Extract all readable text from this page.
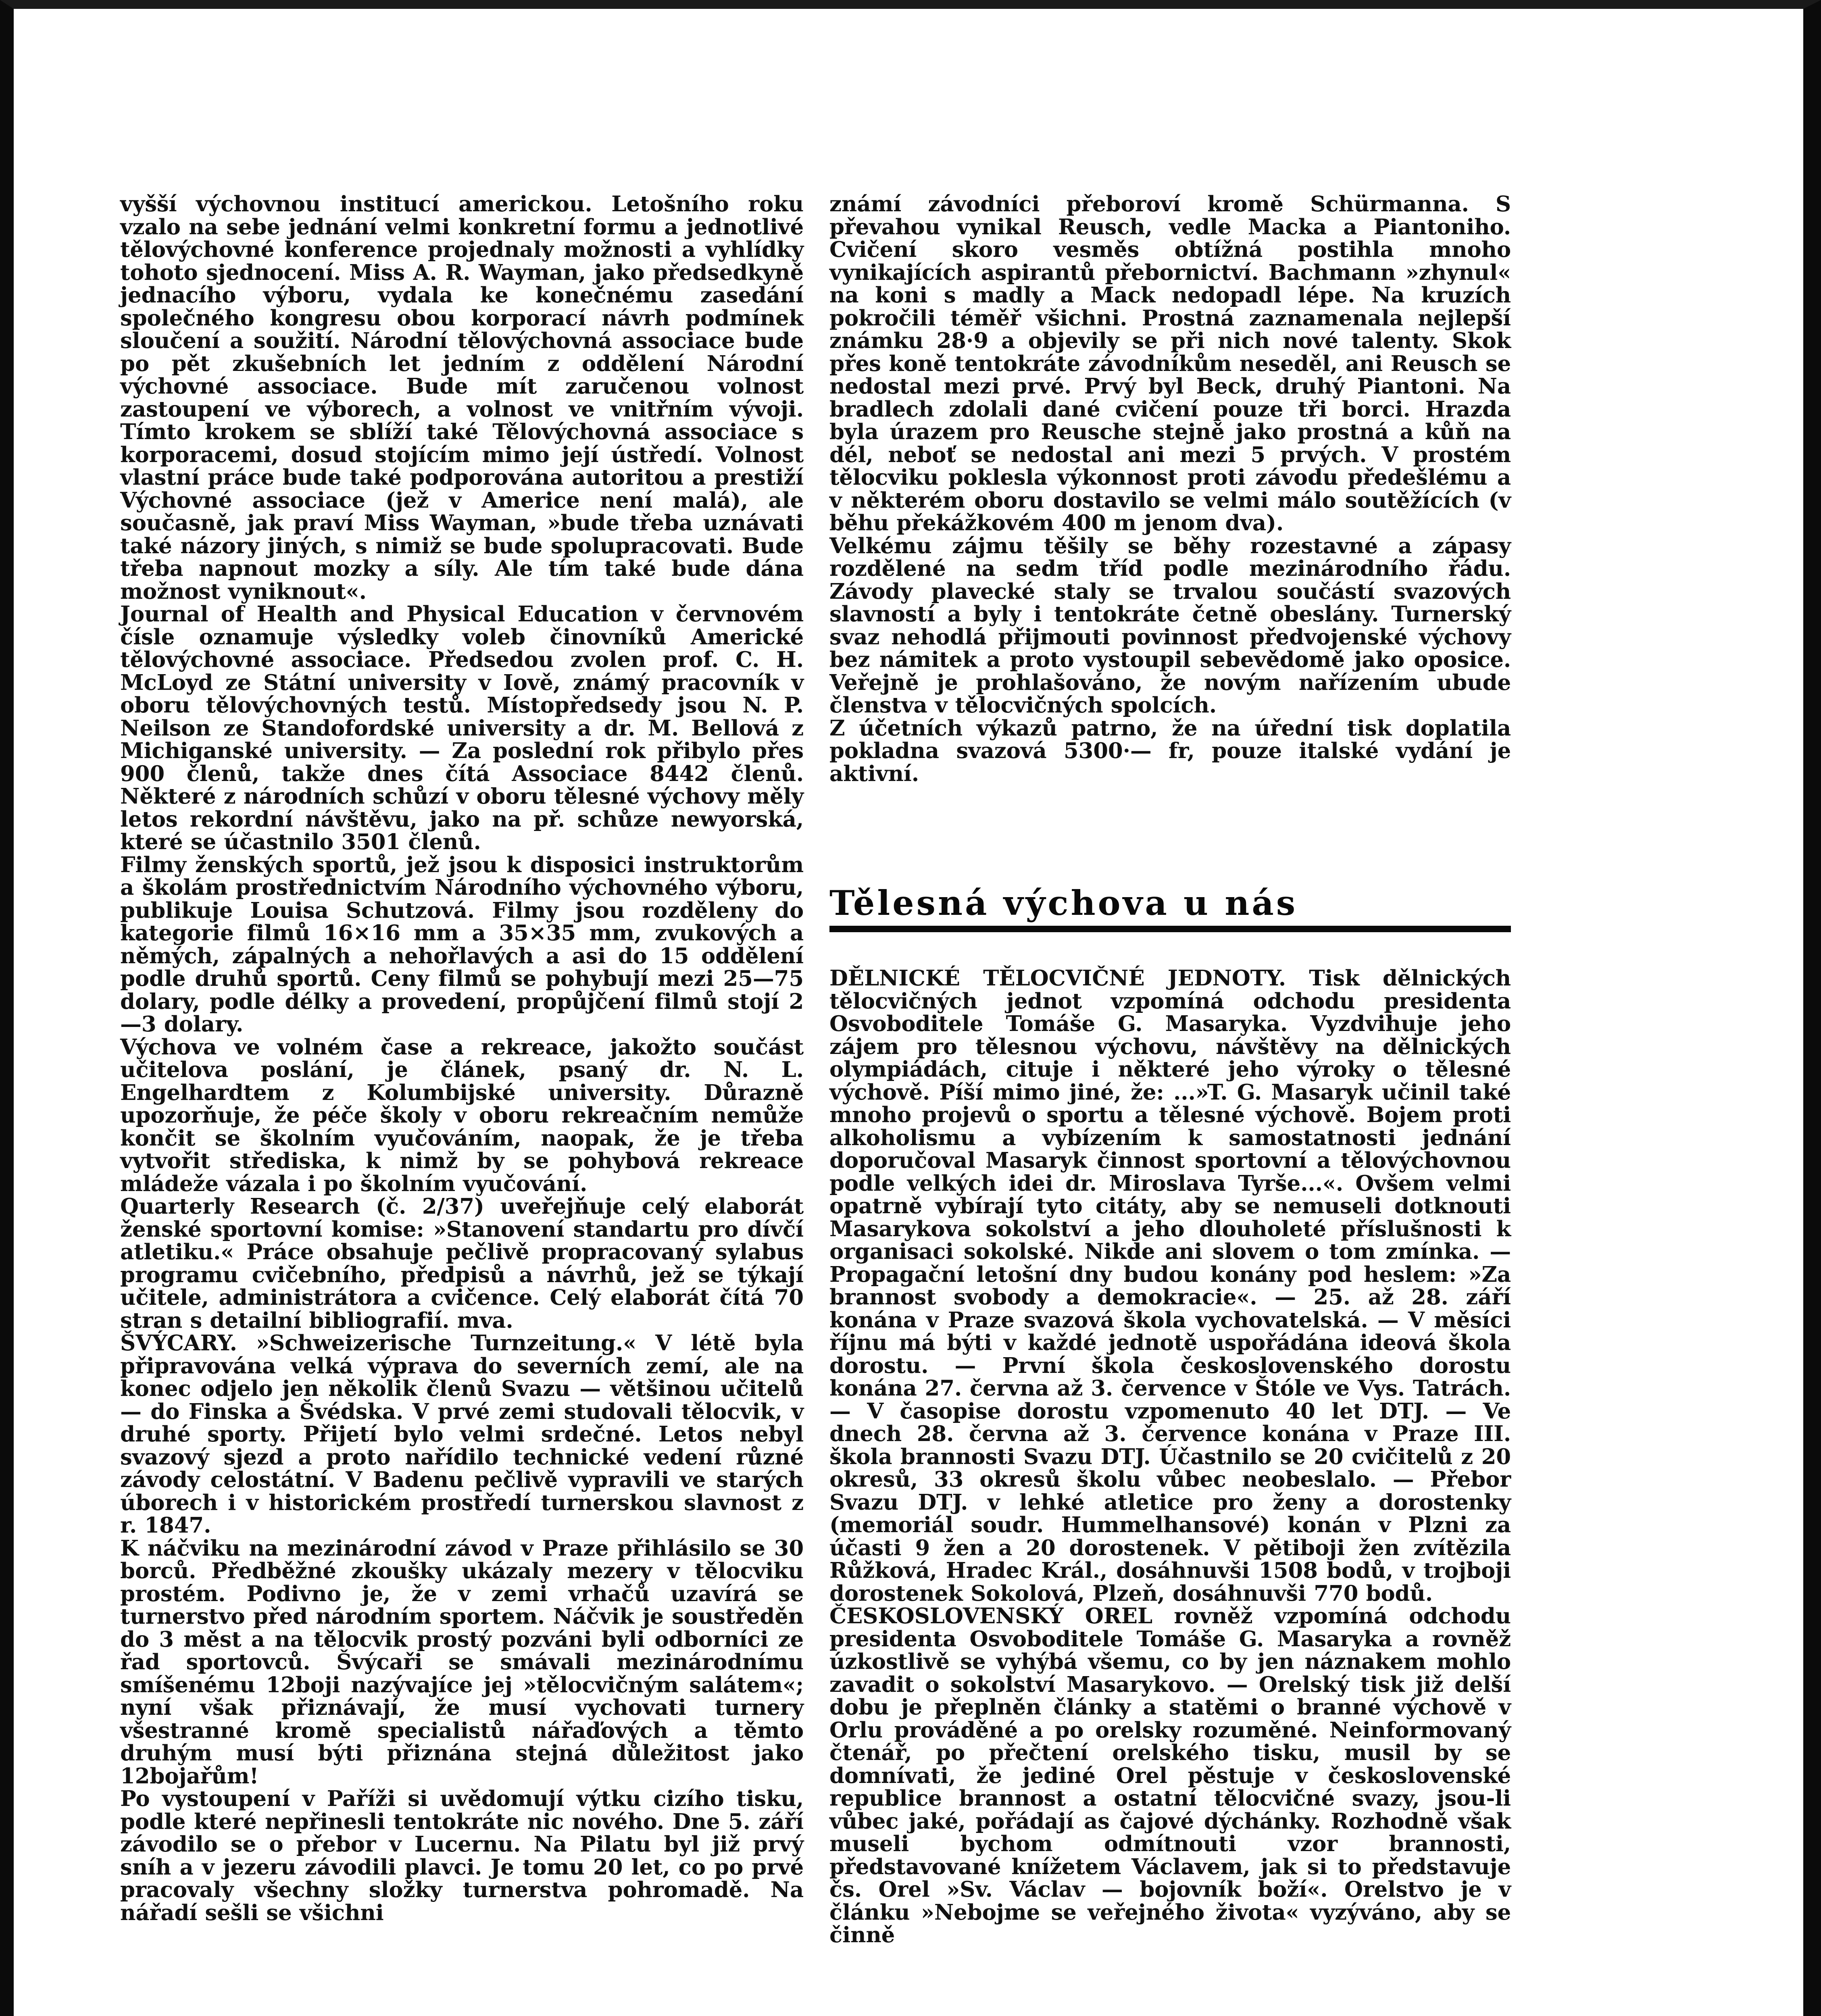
vyšší výchovnou institucí americkou. Letošního roku vzalo na sebe jednání velmi konkretní formu a jednotlivé tělovýchovné konference projednaly možnosti a vyhlídky tohoto sjednocení. Miss A. R. Wayman, jako předsedkyně jednacího výboru, vydala ke konečnému zasedání společného kongresu obou korporací návrh podmínek sloučení a soužití. Národní tělovýchovná associace bude po pět zkušebních let jedním z oddělení Národní výchovné associace. Bude mít zaručenou volnost zastoupení ve výborech, a volnost ve vnitřním vývoji. Tímto krokem se sblíží také Tělovýchovná associace s korporacemi, dosud stojícím mimo její ústředí. Volnost vlastní práce bude také podporována autoritou a prestiží Výchovné associace (jež v Americe není malá), ale současně, jak praví Miss Wayman, »bude třeba uznávati také názory jiných, s nimiž se bude spolupracovati. Bude třeba napnout mozky a síly. Ale tím také bude dána možnost vyniknout«.

Journal of Health and Physical Education v červnovém čísle oznamuje výsledky voleb činovníků Americké tělovýchovné associace. Předsedou zvolen prof. C. H. McLoyd ze Státní university v Iově, známý pracovník v oboru tělovýchovných testů. Místopředsedy jsou N. P. Neilson ze Standofordské university a dr. M. Bellová z Michiganské university. — Za poslední rok přibylo přes 900 členů, takže dnes čítá Associace 8442 členů. Některé z národních schůzí v oboru tělesné výchovy měly letos rekordní návštěvu, jako na př. schůze newyorská, které se účastnilo 3501 členů.

Filmy ženských sportů, jež jsou k disposici instruktorům a školám prostřednictvím Národního výchovného výboru, publikuje Louisa Schutzová. Filmy jsou rozděleny do kategorie filmů 16×16 mm a 35×35 mm, zvukových a němých, zápalných a nehořlavých a asi do 15 oddělení podle druhů sportů. Ceny filmů se pohybují mezi 25—75 dolary, podle délky a provedení, propůjčení filmů stojí 2—3 dolary.

Výchova ve volném čase a rekreace, jakožto součást učitelova poslání, je článek, psaný dr. N. L. Engelhardtem z Kolumbijské university. Důrazně upozorňuje, že péče školy v oboru rekreačním nemůže končit se školním vyučováním, naopak, že je třeba vytvořit střediska, k nimž by se pohybová rekreace mládeže vázala i po školním vyučování.

Quarterly Research (č. 2/37) uveřejňuje celý elaborát ženské sportovní komise: »Stanovení standartu pro dívčí atletiku.« Práce obsahuje pečlivě propracovaný sylabus programu cvičebního, předpisů a návrhů, jež se týkají učitele, administrátora a cvičence. Celý elaborát čítá 70 stran s detailní bibliografií. mva.

ŠVÝCARY. »Schweizerische Turnzeitung.« V létě byla připravována velká výprava do severních zemí, ale na konec odjelo jen několik členů Svazu — většinou učitelů — do Finska a Švédska. V prvé zemi studovali tělocvik, v druhé sporty. Přijetí bylo velmi srdečné. Letos nebyl svazový sjezd a proto nařídilo technické vedení různé závody celostátní. V Badenu pečlivě vypravili ve starých úborech i v historickém prostředí turnerskou slavnost z r. 1847.

K náčviku na mezinárodní závod v Praze přihlásilo se 30 borců. Předběžné zkoušky ukázaly mezery v tělocviku prostém. Podivno je, že v zemi vrhačů uzavírá se turnerstvo před národním sportem. Náčvik je soustředěn do 3 měst a na tělocvik prostý pozváni byli odborníci ze řad sportovců. Švýcaři se smávali mezinárodnímu smíšenému 12boji nazývajíce jej »tělocvičným salátem«; nyní však přiznávají, že musí vychovati turnery všestranné kromě specialistů nářaďových a těmto druhým musí býti přiznána stejná důležitost jako 12bojařům!

Po vystoupení v Paříži si uvědomují výtku cizího tisku, podle které nepřinesli tentokráte nic nového. Dne 5. září závodilo se o přebor v Lucernu. Na Pilatu byl již prvý sníh a v jezeru závodili plavci. Je tomu 20 let, co po prvé pracovaly všechny složky turnerstva pohromadě. Na nářadí sešli se všichni

známí závodníci přeboroví kromě Schürmanna. S převahou vynikal Reusch, vedle Macka a Piantoniho. Cvičení skoro vesměs obtížná postihla mnoho vynikajících aspirantů přebornictví. Bachmann »zhynul« na koni s madly a Mack nedopadl lépe. Na kruzích pokročili téměř všichni. Prostná zaznamenala nejlepší známku 28·9 a objevily se při nich nové talenty. Skok přes koně tentokráte závodníkům neseděl, ani Reusch se nedostal mezi prvé. Prvý byl Beck, druhý Piantoni. Na bradlech zdolali dané cvičení pouze tři borci. Hrazda byla úrazem pro Reusche stejně jako prostná a kůň na dél, neboť se nedostal ani mezi 5 prvých. V prostém tělocviku poklesla výkonnost proti závodu předešlému a v některém oboru dostavilo se velmi málo soutěžících (v běhu překážkovém 400 m jenom dva).

Velkému zájmu těšily se běhy rozestavné a zápasy rozdělené na sedm tříd podle mezinárodního řádu. Závody plavecké staly se trvalou součástí svazových slavností a byly i tentokráte četně obeslány. Turnerský svaz nehodlá přijmouti povinnost předvojenské výchovy bez námitek a proto vystoupil sebevědomě jako oposice. Veřejně je prohlašováno, že novým nařízením ubude členstva v tělocvičných spolcích.

Z účetních výkazů patrno, že na úřední tisk doplatila pokladna svazová 5300·— fr, pouze italské vydání je aktivní.

Tělesná výchova u nás

DĚLNICKÉ TĚLOCVIČNÉ JEDNOTY. Tisk dělnických tělocvičných jednot vzpomíná odchodu presidenta Osvoboditele Tomáše G. Masaryka. Vyzdvihuje jeho zájem pro tělesnou výchovu, návštěvy na dělnických olympiádách, cituje i některé jeho výroky o tělesné výchově. Píší mimo jiné, že: ...»T. G. Masaryk učinil také mnoho projevů o sportu a tělesné výchově. Bojem proti alkoholismu a vybízením k samostatnosti jednání doporučoval Masaryk činnost sportovní a tělovýchovnou podle velkých idei dr. Miroslava Tyrše...«. Ovšem velmi opatrně vybírají tyto citáty, aby se nemuseli dotknouti Masarykova sokolství a jeho dlouholeté příslušnosti k organisaci sokolské. Nikde ani slovem o tom zmínka. — Propagační letošní dny budou konány pod heslem: »Za brannost svobody a demokracie«. — 25. až 28. září konána v Praze svazová škola vychovatelská. — V měsíci říjnu má býti v každé jednotě uspořádána ideová škola dorostu. — První škola československého dorostu konána 27. června až 3. července v Štóle ve Vys. Tatrách. — V časopise dorostu vzpomenuto 40 let DTJ. — Ve dnech 28. června až 3. července konána v Praze III. škola brannosti Svazu DTJ. Účastnilo se 20 cvičitelů z 20 okresů, 33 okresů školu vůbec neobeslalo. — Přebor Svazu DTJ. v lehké atletice pro ženy a dorostenky (memoriál soudr. Hummelhansové) konán v Plzni za účasti 9 žen a 20 dorostenek. V pětiboji žen zvítězila Růžková, Hradec Král., dosáhnuvši 1508 bodů, v trojboji dorostenek Sokolová, Plzeň, dosáhnuvši 770 bodů.

ČESKOSLOVENSKÝ OREL rovněž vzpomíná odchodu presidenta Osvoboditele Tomáše G. Masaryka a rovněž úzkostlivě se vyhýbá všemu, co by jen náznakem mohlo zavadit o sokolství Masarykovo. — Orelský tisk již delší dobu je přeplněn články a statěmi o branné výchově v Orlu prováděné a po orelsky rozuměné. Neinformovaný čtenář, po přečtení orelského tisku, musil by se domnívati, že jediné Orel pěstuje v československé republice brannost a ostatní tělocvičné svazy, jsou-li vůbec jaké, pořádají as čajové dýchánky. Rozhodně však museli bychom odmítnouti vzor brannosti, představované knížetem Václavem, jak si to představuje čs. Orel »Sv. Václav — bojovník boží«. Orelstvo je v článku »Nebojme se veřejného života« vyzýváno, aby se činně
